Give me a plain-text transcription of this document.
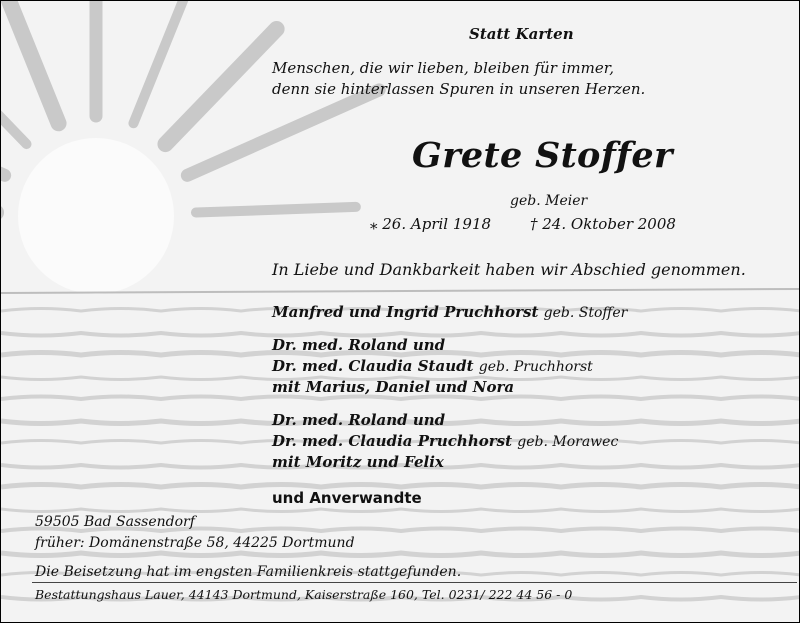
Statt Karten
Menschen, die wir lieben, bleiben für immer,
denn sie hinterlassen Spuren in unseren Herzen.
Grete Stoffer
geb. Meier
⁎ 26. April 1918	† 24. Oktober 2008
In Liebe und Dankbarkeit haben wir Abschied genommen.
Manfred und Ingrid Pruchhorst geb. Stoffer
Dr. med. Roland und
Dr. med. Claudia Staudt geb. Pruchhorst
mit Marius, Daniel und Nora
Dr. med. Roland und
Dr. med. Claudia Pruchhorst geb. Morawec
mit Moritz und Felix
und Anverwandte
59505 Bad Sassendorf
früher: Domänenstraße 58, 44225 Dortmund
Die Beisetzung hat im engsten Familienkreis stattgefunden.
Bestattungshaus Lauer, 44143 Dortmund, Kaiserstraße 160, Tel. 0231/ 222 44 56 - 0
